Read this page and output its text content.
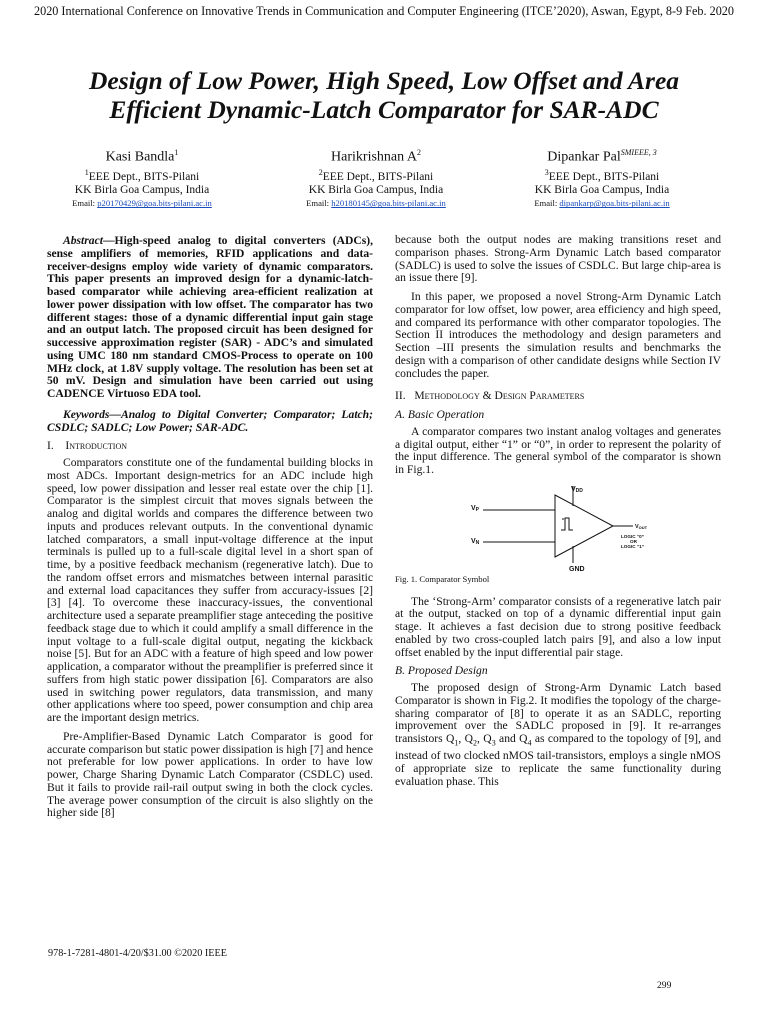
2020 International Conference on Innovative Trends in Communication and Computer Engineering (ITCE’2020), Aswan, Egypt, 8-9 Feb. 2020
Design of Low Power, High Speed, Low Offset and Area
Efficient Dynamic-Latch Comparator for SAR-ADC
Kasi Bandla$^1$
$^1$EEE Dept., BITS-Pilani
KK Birla Goa Campus, India
Email: p20170429@goa.bits-pilani.ac.in
Harikrishnan $A^2$
$^2$EEE Dept., BITS-Pilani
KK Birla Goa Campus, India
Email: h20180145@goa.bits-pilani.ac.in
Dipankar Pal$^{SMIEEE, 3}$
$^3$EEE Dept., BITS-Pilani
KK Birla Goa Campus, India
Email: dipankarp@goa.bits-pilani.ac.in

Abstract—High-speed analog to digital converters (ADCs), sense amplifiers of memories, RFID applications and data-receiver-designs employ wide variety of dynamic comparators. This paper presents an improved design for a dynamic-latch-based comparator while achieving area-efficient realization at lower power dissipation with low offset. The comparator has two different stages: those of a dynamic differential input gain stage and an output latch. The proposed circuit has been designed for successive approximation register (SAR) - ADC’s and simulated using UMC 180 nm standard CMOS-Process to operate on 100 MHz clock, at 1.8V supply voltage. The resolution has been set at 50 mV. Design and simulation have been carried out using CADENCE Virtuoso EDA tool.

Keywords—Analog to Digital Converter; Comparator; Latch; CSDLC; SADLC; Low Power; SAR-ADC.

I. Introduction

Comparators constitute one of the fundamental building blocks in most ADCs. Important design-metrics for an ADC include high speed, low power dissipation and lesser real estate over the chip [1]. Comparator is the simplest circuit that moves signals between the analog and digital worlds and compares the difference between two inputs and produces relevant outputs. In the conventional dynamic latched comparators, a small input-voltage difference at the input terminals is pulled up to a full-scale digital level in a short span of time, by a positive feedback mechanism (regenerative latch). Due to the random offset errors and mismatches between internal parasitic and external load capacitances they suffer from accuracy-issues [2] [3] [4]. To overcome these inaccuracy-issues, the conventional architecture used a separate preamplifier stage anteceding the positive feedback stage due to which it could amplify a small difference in the input voltage to a full-scale digital output, negating the kickback noise [5]. But for an ADC with a feature of high speed and low power application, a comparator without the preamplifier is preferred since it suffers from high static power dissipation [6]. Comparators are also used in switching power regulators, data transmission, and many other applications where too speed, power consumption and chip area are the important design metrics.

Pre-Amplifier-Based Dynamic Latch Comparator is good for accurate comparison but static power dissipation is high [7] and hence not preferable for low power applications. In order to have low power, Charge Sharing Dynamic Latch Comparator (CSDLC) used. But it fails to provide rail-rail output swing in both the clock cycles. The average power consumption of the circuit is also slightly on the higher side [8]

because both the output nodes are making transitions reset and comparison phases. Strong-Arm Dynamic Latch based comparator (SADLC) is used to solve the issues of CSDLC. But large chip-area is an issue there [9].

In this paper, we proposed a novel Strong-Arm Dynamic Latch comparator for low offset, low power, area efficiency and high speed, and compared its performance with other comparator topologies. The Section II introduces the methodology and design parameters and Section –III presents the simulation results and benchmarks the design with a comparison of other candidate designs while Section IV concludes the paper.

II. Methodology & Design Parameters

A. Basic Operation

A comparator compares two instant analog voltages and generates a digital output, either “1” or “0”, in order to represent the polarity of the input difference. The general symbol of the comparator is shown in Fig.1.

VDD
VP
VN
VOUT
LOGIC “0”
OR
LOGIC “1”
GND

Fig. 1. Comparator Symbol

The ‘Strong-Arm’ comparator consists of a regenerative latch pair at the output, stacked on top of a dynamic differential input gain stage. It achieves a fast decision due to strong positive feedback enabled by two cross-coupled latch pairs [9], and also a low input offset enabled by the input differential pair stage.

B. Proposed Design

The proposed design of Strong-Arm Dynamic Latch based Comparator is shown in Fig.2. It modifies the topology of the charge-sharing comparator of [8] to operate it as an SADLC, reporting improvement over the SADLC proposed in [9]. It re-arranges transistors $Q_1$, $Q_2$, $Q_3$ and $Q_4$ as compared to the topology of [9], and instead of two clocked nMOS tail-transistors, employs a single nMOS of appropriate size to replicate the same functionality during evaluation phase. This

978-1-7281-4801-4/20/$31.00 ©2020 IEEE
299
